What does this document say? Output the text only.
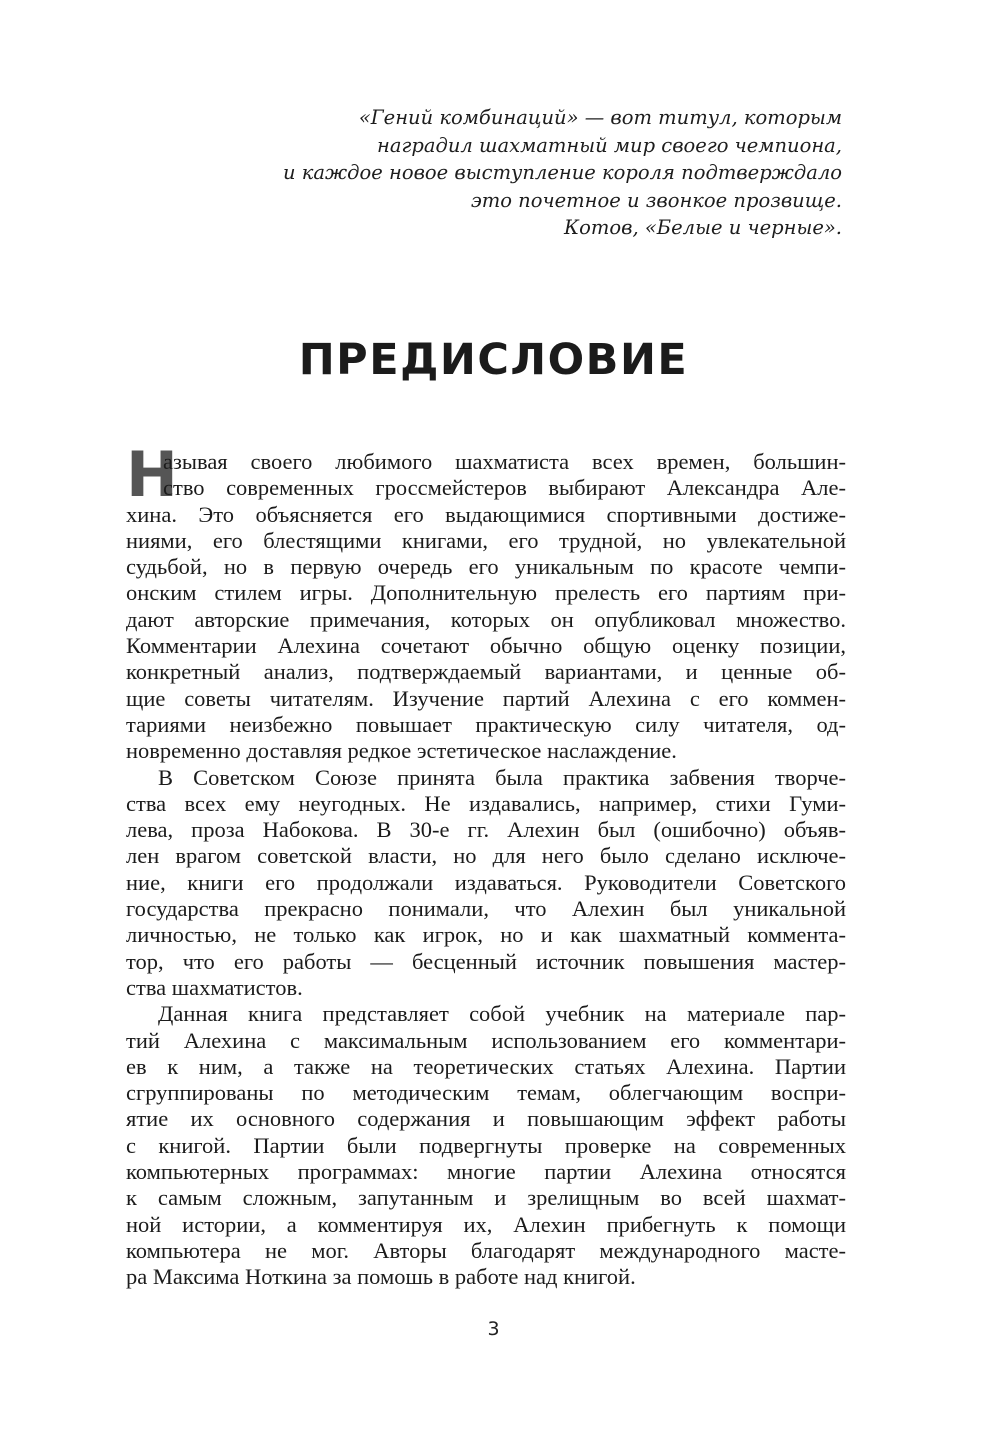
«Гений комбинаций» — вот титул, которым
наградил шахматный мир своего чемпиона,
и каждое новое выступление короля подтверждало
это почетное и звонкое прозвище.
Котов, «Белые и черные».
ПРЕДИСЛОВИЕ
Н
азывая своего любимого шахматиста всех времен, большин-
ство современных гроссмейстеров выбирают Александра Але-
хина. Это объясняется его выдающимися спортивными достиже-
ниями, его блестящими книгами, его трудной, но увлекательной
судьбой, но в первую очередь его уникальным по красоте чемпи-
онским стилем игры. Дополнительную прелесть его партиям при-
дают авторские примечания, которых он опубликовал множество.
Комментарии Алехина сочетают обычно общую оценку позиции,
конкретный анализ, подтверждаемый вариантами, и ценные об-
щие советы читателям. Изучение партий Алехина с его коммен-
тариями неизбежно повышает практическую силу читателя, од-
новременно доставляя редкое эстетическое наслаждение.
В Советском Союзе принята была практика забвения творче-
ства всех ему неугодных. Не издавались, например, стихи Гуми-
лева, проза Набокова. В 30-е гг. Алехин был (ошибочно) объяв-
лен врагом советской власти, но для него было сделано исключе-
ние, книги его продолжали издаваться. Руководители Советского
государства прекрасно понимали, что Алехин был уникальной
личностью, не только как игрок, но и как шахматный коммента-
тор, что его работы — бесценный источник повышения мастер-
ства шахматистов.
Данная книга представляет собой учебник на материале пар-
тий Алехина с максимальным использованием его комментари-
ев к ним, а также на теоретических статьях Алехина. Партии
сгруппированы по методическим темам, облегчающим воспри-
ятие их основного содержания и повышающим эффект работы
с книгой. Партии были подвергнуты проверке на современных
компьютерных программах: многие партии Алехина относятся
к самым сложным, запутанным и зрелищным во всей шахмат-
ной истории, а комментируя их, Алехин прибегнуть к помощи
компьютера не мог. Авторы благодарят международного масте-
ра Максима Ноткина за помошь в работе над книгой.
3
